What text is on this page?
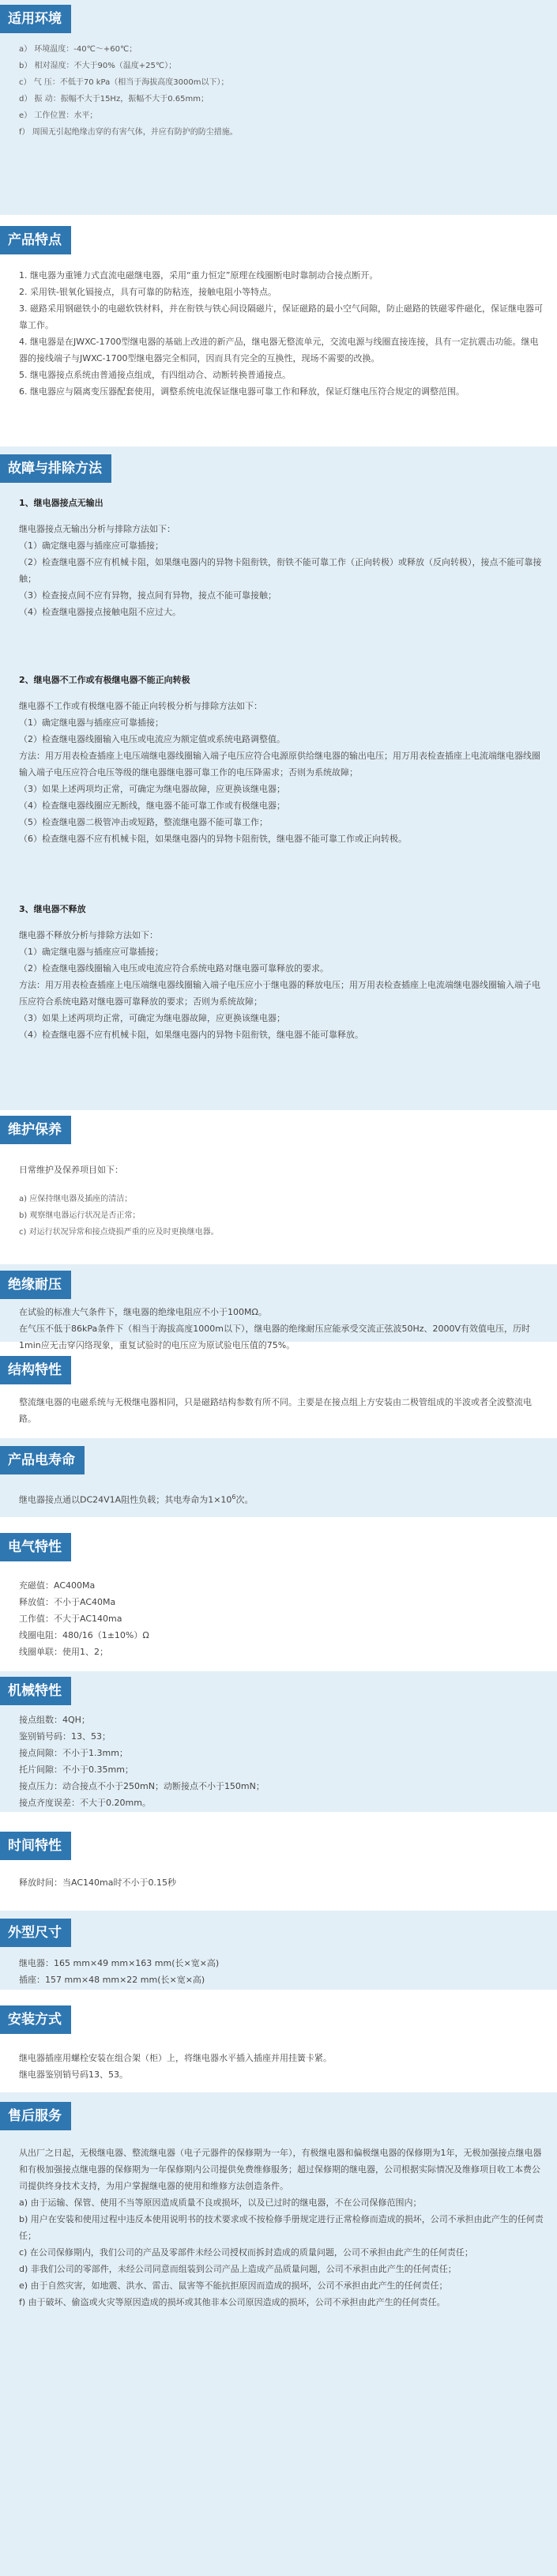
适用环境
a） 环境温度：-40℃～+60℃；
b） 相对湿度：不大于90%（温度+25℃）；
c） 气 压：不低于70 kPa（相当于海拔高度3000m以下）；
d） 振 动：振幅不大于15Hz，振幅不大于0.65mm；
e） 工作位置：水平；
f） 周围无引起绝缘击穿的有害气体，并应有防护的防尘措施。
产品特点
1. 继电器为重锤力式直流电磁继电器，采用“重力恒定”原理在线圈断电时靠制动合接点断开。
2. 采用铁-银氧化镉接点，具有可靠的防粘连，接触电阻小等特点。
3. 磁路采用钢磁铁小的电磁软铁材料，并在衔铁与铁心间设隔磁片，保证磁路的最小空气间隙，防止磁路的铁磁零件磁化，保证继电器可靠工作。
4. 继电器是在JWXC-1700型继电器的基础上改进的新产品，继电器无整流单元，交流电源与线圈直接连接，具有一定抗震击功能。继电器的接线端子与JWXC-1700型继电器完全相同，因而具有完全的互换性，现场不需要的改换。
5. 继电器接点系统由普通接点组成，有四组动合、动断转换普通接点。
6. 继电器应与隔离变压器配套使用，调整系统电流保证继电器可靠工作和释放，保证灯继电压符合规定的调整范围。
故障与排除方法
1、继电器接点无输出
继电器接点无输出分析与排除方法如下：
（1）确定继电器与插座应可靠插接；
（2）检查继电器不应有机械卡阻，如果继电器内的异物卡阻衔铁，衔铁不能可靠工作（正向转极）或释放（反向转极），接点不能可靠接触；
（3）检查接点间不应有异物，接点间有异物，接点不能可靠接触；
（4）检查继电器接点接触电阻不应过大。
2、继电器不工作或有极继电器不能正向转极
继电器不工作或有极继电器不能正向转极分析与排除方法如下：
（1）确定继电器与插座应可靠插接；
（2）检查继电器线圈输入电压或电流应为额定值或系统电路调整值。
方法：用万用表检查插座上电压端继电器线圈输入端子电压应符合电源原供给继电器的输出电压；用万用表检查插座上电流端继电器线圈输入端子电压应符合电压等级的继电器继电器可靠工作的电压降需求；否则为系统故障；
（3）如果上述两项均正常，可确定为继电器故障，应更换该继电器；
（4）检查继电器线圈应无断线，继电器不能可靠工作或有极继电器；
（5）检查继电器二极管冲击或短路，整流继电器不能可靠工作；
（6）检查继电器不应有机械卡阻，如果继电器内的异物卡阻衔铁，继电器不能可靠工作或正向转极。
3、继电器不释放
继电器不释放分析与排除方法如下：
（1）确定继电器与插座应可靠插接；
（2）检查继电器线圈输入电压或电流应符合系统电路对继电器可靠释放的要求。
方法：用万用表检查插座上电压端继电器线圈输入端子电压应小于继电器的释放电压；用万用表检查插座上电流端继电器线圈输入端子电压应符合系统电路对继电器可靠释放的要求；否则为系统故障；
（3）如果上述两项均正常，可确定为继电器故障，应更换该继电器；
（4）检查继电器不应有机械卡阻，如果继电器内的异物卡阻衔铁，继电器不能可靠释放。
维护保养
日常维护及保养项目如下：
a) 应保持继电器及插座的清洁；
b) 观察继电器运行状况是否正常；
c) 对运行状况异常和接点烧损严重的应及时更换继电器。
绝缘耐压
在试验的标准大气条件下，继电器的绝缘电阻应不小于100MΩ。
在气压不低于86kPa条件下（相当于海拔高度1000m以下），继电器的绝缘耐压应能承受交流正弦波50Hz、2000V有效值电压，历时1min应无击穿闪络现象，重复试验时的电压应为原试验电压值的75%。
结构特性
整流继电器的电磁系统与无极继电器相同，只是磁路结构参数有所不同。主要是在接点组上方安装由二极管组成的半波或者全波整流电路。
产品电寿命
继电器接点通以DC24V1A阻性负载；其电寿命为$1\times 10^6$次。
电气特性
充磁值：AC400Ma
释放值：不小于AC40Ma
工作值：不大于AC140ma
线圈电阻：480/16（1±10%）Ω
线圈单联：使用1、2；
机械特性
接点组数：4QH；
鉴别销号码：13、53；
接点间隙：不小于1.3mm；
托片间隙：不小于0.35mm；
接点压力：动合接点不小于250mN；动断接点不小于150mN；
接点齐度误差：不大于0.20mm。
时间特性
释放时间：当AC140ma时不小于0.15秒
外型尺寸
继电器：165 mm×49 mm×163 mm(长×宽×高)
插座：157 mm×48 mm×22 mm(长×宽×高)
安装方式
继电器插座用螺栓安装在组合架（柜）上，将继电器水平插入插座并用挂簧卡紧。
继电器鉴别销号码13、53。
售后服务
从出厂之日起，无极继电器、整流继电器（电子元器件的保修期为一年），有极继电器和偏极继电器的保修期为1年，无极加强接点继电器和有极加强接点继电器的保修期为一年保修期内公司提供免费维修服务；超过保修期的继电器，公司根据实际情况及维修项目收工本费公司提供终身技术支持，为用户掌握继电器的使用和维修方法创造条件。
a) 由于运输、保管、使用不当等原因造成质量不良或损坏，以及已过时的继电器，不在公司保修范围内；
b) 用户在安装和使用过程中违反本使用说明书的技术要求或不按检修手册规定进行正常检修而造成的损坏，公司不承担由此产生的任何责任；
c) 在公司保修期内，我们公司的产品及零部件未经公司授权而拆封造成的质量问题，公司不承担由此产生的任何责任；
d) 非我们公司的零部件，未经公司同意而组装到公司产品上造成产品质量问题，公司不承担由此产生的任何责任；
e) 由于自然灾害，如地震、洪水、雷击、鼠害等不能抗拒原因而造成的损坏，公司不承担由此产生的任何责任；
f) 由于破坏、偷盗或火灾等原因造成的损坏或其他非本公司原因造成的损坏，公司不承担由此产生的任何责任。
